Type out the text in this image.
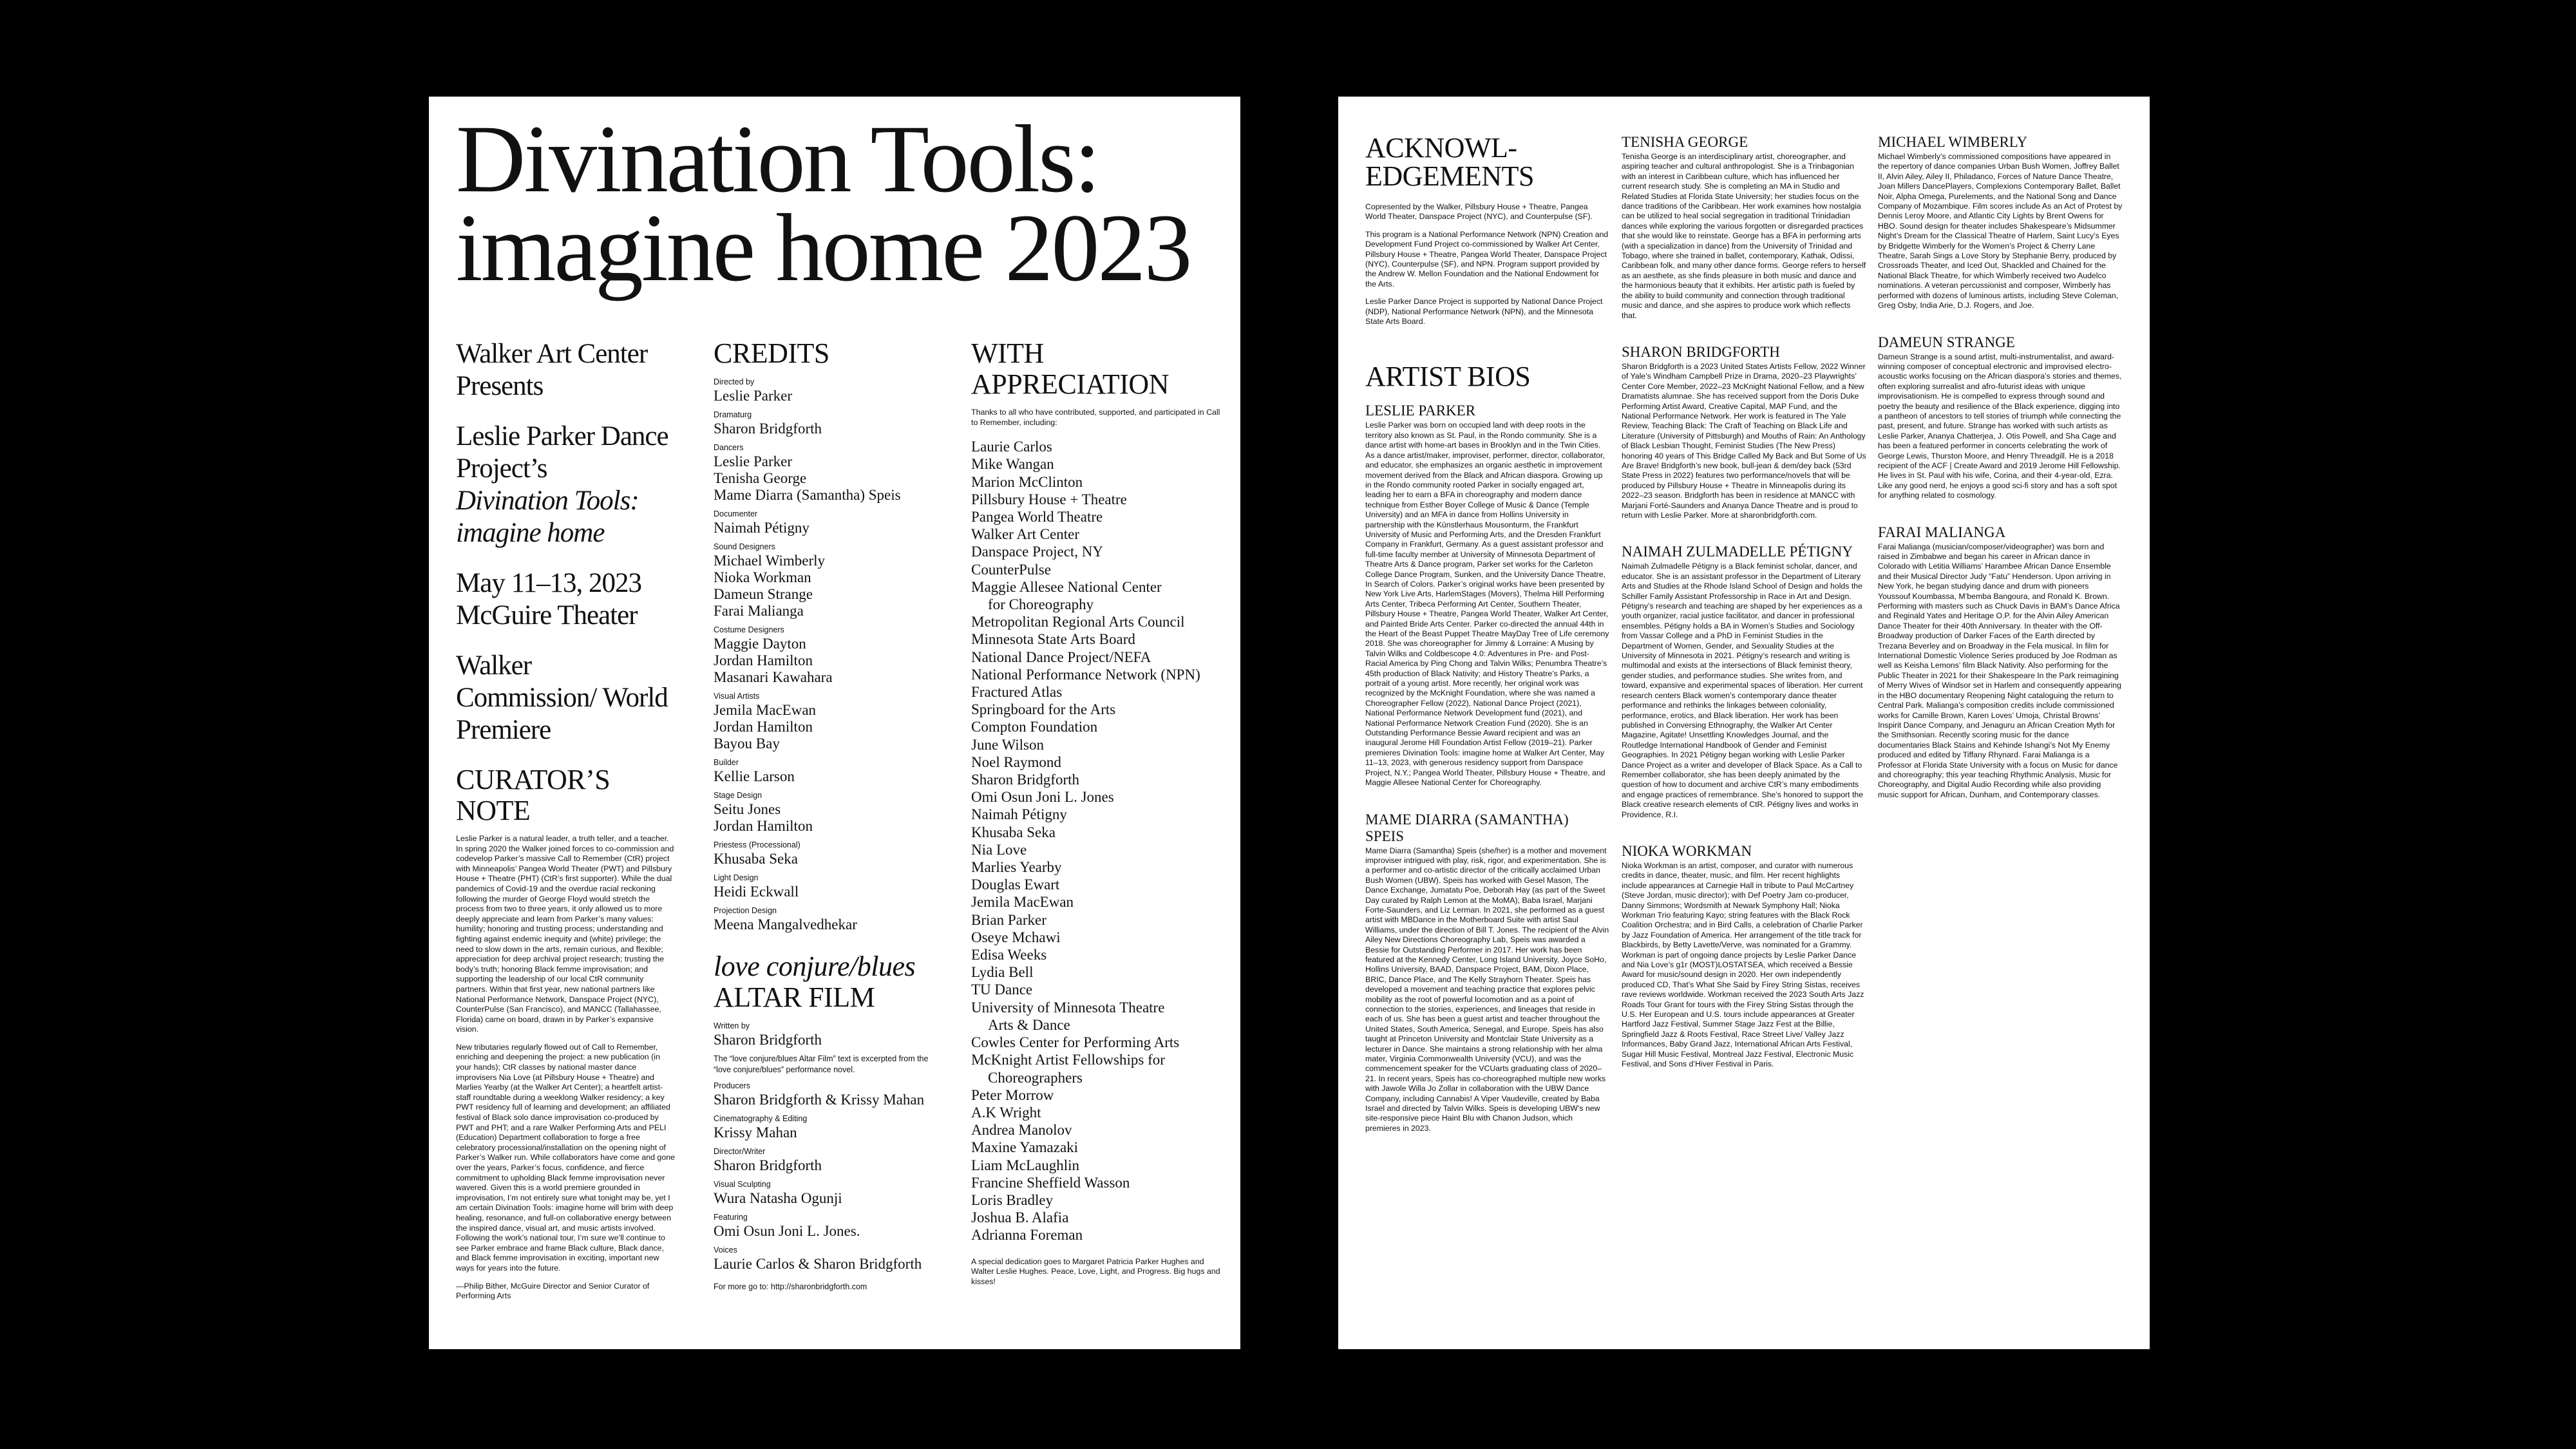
Divination Tools: imagine home 2023
Walker Art Center Presents
Leslie Parker Dance Project’s
Divination Tools: imagine home
May 11–13, 2023
McGuire Theater
Walker Commission/ World Premiere
CURATOR’S NOTE

Leslie Parker is a natural leader, a truth teller, and a teacher. In spring 2020 the Walker joined forces to co-commission and codevelop Parker’s massive Call to Remember (CtR) project with Minneapolis’ Pangea World Theater (PWT) and Pillsbury House + Theatre (PHT) (CtR’s first supporter). While the dual pandemics of Covid-19 and the overdue racial reckoning following the murder of George Floyd would stretch the process from two to three years, it only allowed us to more deeply appreciate and learn from Parker’s many values: humility; honoring and trusting process; understanding and fighting against endemic inequity and (white) privilege; the need to slow down in the arts, remain curious, and flexible; appreciation for deep archival project research; trusting the body’s truth; honoring Black femme improvisation; and supporting the leadership of our local CtR community partners. Within that first year, new national partners like National Performance Network, Danspace Project (NYC), CounterPulse (San Francisco), and MANCC (Tallahassee, Florida) came on board, drawn in by Parker’s expansive vision.

New tributaries regularly flowed out of Call to Remember, enriching and deepening the project: a new publication (in your hands); CtR classes by national master dance improvisers Nia Love (at Pillsbury House + Theatre) and Marlies Yearby (at the Walker Art Center); a heartfelt artist-staff roundtable during a weeklong Walker residency; a key PWT residency full of learning and development; an affiliated festival of Black solo dance improvisation co-produced by PWT and PHT; and a rare Walker Performing Arts and PELI (Education) Department collaboration to forge a free celebratory processional/installation on the opening night of Parker’s Walker run. While collaborators have come and gone over the years, Parker’s focus, confidence, and fierce commitment to upholding Black femme improvisation never wavered. Given this is a world premiere grounded in improvisation, I’m not entirely sure what tonight may be, yet I am certain Divination Tools: imagine home will brim with deep healing, resonance, and full-on collaborative energy between the inspired dance, visual art, and music artists involved. Following the work’s national tour, I’m sure we’ll continue to see Parker embrace and frame Black culture, Black dance, and Black femme improvisation in exciting, important new ways for years into the future.

—Philip Bither, McGuire Director and Senior Curator of Performing Arts

CREDITS
Directed by
Leslie Parker
Dramaturg
Sharon Bridgforth
Dancers
Leslie Parker
Tenisha George
Mame Diarra (Samantha) Speis
Documenter
Naimah Pétigny
Sound Designers
Michael Wimberly
Nioka Workman
Dameun Strange
Farai Malianga
Costume Designers
Maggie Dayton
Jordan Hamilton
Masanari Kawahara
Visual Artists
Jemila MacEwan
Jordan Hamilton
Bayou Bay
Builder
Kellie Larson
Stage Design
Seitu Jones
Jordan Hamilton
Priestess (Processional)
Khusaba Seka
Light Design
Heidi Eckwall
Projection Design
Meena Mangalvedhekar
love conjure/blues
ALTAR FILM
Written by
Sharon Bridgforth
The “love conjure/blues Altar Film” text is excerpted from the “love conjure/blues” performance novel.
Producers
Sharon Bridgforth & Krissy Mahan
Cinematography & Editing
Krissy Mahan
Director/Writer
Sharon Bridgforth
Visual Sculpting
Wura Natasha Ogunji
Featuring
Omi Osun Joni L. Jones.
Voices
Laurie Carlos & Sharon Bridgforth
For more go to: http://sharonbridgforth.com
WITH APPRECIATION

Thanks to all who have contributed, supported, and participated in Call to Remember, including:

Laurie Carlos
Mike Wangan
Marion McClinton
Pillsbury House + Theatre
Pangea World Theatre
Walker Art Center
Danspace Project, NY
CounterPulse
Maggie Allesee National Center
for Choreography
Metropolitan Regional Arts Council
Minnesota State Arts Board
National Dance Project/NEFA
National Performance Network (NPN)
Fractured Atlas
Springboard for the Arts
Compton Foundation
June Wilson
Noel Raymond
Sharon Bridgforth
Omi Osun Joni L. Jones
Naimah Pétigny
Khusaba Seka
Nia Love
Marlies Yearby
Douglas Ewart
Jemila MacEwan
Brian Parker
Oseye Mchawi
Edisa Weeks
Lydia Bell
TU Dance
University of Minnesota Theatre
Arts & Dance
Cowles Center for Performing Arts
McKnight Artist Fellowships for
Choreographers
Peter Morrow
A.K Wright
Andrea Manolov
Maxine Yamazaki
Liam McLaughlin
Francine Sheffield Wasson
Loris Bradley
Joshua B. Alafia
Adrianna Foreman
A special dedication goes to Margaret Patricia Parker Hughes and Walter Leslie Hughes. Peace, Love, Light, and Progress. Big hugs and kisses!
ACKNOWL- EDGEMENTS

Copresented by the Walker, Pillsbury House + Theatre, Pangea World Theater, Danspace Project (NYC), and Counterpulse (SF).

This program is a National Performance Network (NPN) Creation and Development Fund Project co-commissioned by Walker Art Center, Pillsbury House + Theatre, Pangea World Theater, Danspace Project (NYC), Counterpulse (SF), and NPN. Program support provided by the Andrew W. Mellon Foundation and the National Endowment for the Arts.

Leslie Parker Dance Project is supported by National Dance Project (NDP), National Performance Network (NPN), and the Minnesota State Arts Board.

ARTIST BIOS
LESLIE PARKER

Leslie Parker was born on occupied land with deep roots in the territory also known as St. Paul, in the Rondo community. She is a dance artist with home-art bases in Brooklyn and in the Twin Cities. As a dance artist/maker, improviser, performer, director, collaborator, and educator, she emphasizes an organic aesthetic in improvement movement derived from the Black and African diaspora. Growing up in the Rondo community rooted Parker in socially engaged art, leading her to earn a BFA in choreography and modern dance technique from Esther Boyer College of Music & Dance (Temple University) and an MFA in dance from Hollins University in partnership with the Künstlerhaus Mousonturm, the Frankfurt University of Music and Performing Arts, and the Dresden Frankfurt Company in Frankfurt, Germany. As a guest assistant professor and full-time faculty member at University of Minnesota Department of Theatre Arts & Dance program, Parker set works for the Carleton College Dance Program, Sunken, and the University Dance Theatre, In Search of Colors. Parker’s original works have been presented by New York Live Arts, HarlemStages (Movers), Thelma Hill Performing Arts Center, Tribeca Performing Art Center, Southern Theater, Pillsbury House + Theatre, Pangea World Theater, Walker Art Center, and Painted Bride Arts Center. Parker co-directed the annual 44th in the Heart of the Beast Puppet Theatre MayDay Tree of Life ceremony 2018. She was choreographer for Jimmy & Lorraine: A Musing by Talvin Wilks and Coldbescope 4.0: Adventures in Pre- and Post-Racial America by Ping Chong and Talvin Wilks; Penumbra Theatre’s 45th production of Black Nativity; and History Theatre’s Parks, a portrait of a young artist. More recently, her original work was recognized by the McKnight Foundation, where she was named a Choreographer Fellow (2022), National Dance Project (2021), National Performance Network Development fund (2021), and National Performance Network Creation Fund (2020). She is an Outstanding Performance Bessie Award recipient and was an inaugural Jerome Hill Foundation Artist Fellow (2019–21). Parker premieres Divination Tools: imagine home at Walker Art Center, May 11–13, 2023, with generous residency support from Danspace Project, N.Y.; Pangea World Theater, Pillsbury House + Theatre, and Maggie Allesee National Center for Choreography.

MAME DIARRA (SAMANTHA) SPEIS

Mame Diarra (Samantha) Speis (she/her) is a mother and movement improviser intrigued with play, risk, rigor, and experimentation. She is a performer and co-artistic director of the critically acclaimed Urban Bush Women (UBW). Speis has worked with Gesel Mason, The Dance Exchange, Jumatatu Poe, Deborah Hay (as part of the Sweet Day curated by Ralph Lemon at the MoMA), Baba Israel, Marjani Forte-Saunders, and Liz Lerman. In 2021, she performed as a guest artist with MBDance in the Motherboard Suite with artist Saul Williams, under the direction of Bill T. Jones. The recipient of the Alvin Ailey New Directions Choreography Lab, Speis was awarded a Bessie for Outstanding Performer in 2017. Her work has been featured at the Kennedy Center, Long Island University, Joyce SoHo, Hollins University, BAAD, Danspace Project, BAM, Dixon Place, BRIC, Dance Place, and The Kelly Strayhorn Theater. Speis has developed a movement and teaching practice that explores pelvic mobility as the root of powerful locomotion and as a point of connection to the stories, experiences, and lineages that reside in each of us. She has been a guest artist and teacher throughout the United States, South America, Senegal, and Europe. Speis has also taught at Princeton University and Montclair State University as a lecturer in Dance. She maintains a strong relationship with her alma mater, Virginia Commonwealth University (VCU), and was the commencement speaker for the VCUarts graduating class of 2020–21. In recent years, Speis has co-choreographed multiple new works with Jawole Willa Jo Zollar in collaboration with the UBW Dance Company, including Cannabis! A Viper Vaudeville, created by Baba Israel and directed by Talvin Wilks. Speis is developing UBW’s new site-responsive piece Haint Blu with Chanon Judson, which premieres in 2023.

TENISHA GEORGE

Tenisha George is an interdisciplinary artist, choreographer, and aspiring teacher and cultural anthropologist. She is a Trinbagonian with an interest in Caribbean culture, which has influenced her current research study. She is completing an MA in Studio and Related Studies at Florida State University; her studies focus on the dance traditions of the Caribbean. Her work examines how nostalgia can be utilized to heal social segregation in traditional Trinidadian dances while exploring the various forgotten or disregarded practices that she would like to reinstate. George has a BFA in performing arts (with a specialization in dance) from the University of Trinidad and Tobago, where she trained in ballet, contemporary, Kathak, Odissi, Caribbean folk, and many other dance forms. George refers to herself as an aesthete, as she finds pleasure in both music and dance and the harmonious beauty that it exhibits. Her artistic path is fueled by the ability to build community and connection through traditional music and dance, and she aspires to produce work which reflects that.

SHARON BRIDGFORTH

Sharon Bridgforth is a 2023 United States Artists Fellow, 2022 Winner of Yale’s Windham Campbell Prize in Drama, 2020–23 Playwrights’ Center Core Member, 2022–23 McKnight National Fellow, and a New Dramatists alumnae. She has received support from the Doris Duke Performing Artist Award, Creative Capital, MAP Fund, and the National Performance Network. Her work is featured in The Yale Review, Teaching Black: The Craft of Teaching on Black Life and Literature (University of Pittsburgh) and Mouths of Rain: An Anthology of Black Lesbian Thought, Feminist Studies (The New Press) honoring 40 years of This Bridge Called My Back and But Some of Us Are Brave! Bridgforth’s new book, bull-jean & dem/dey back (53rd State Press in 2022) features two performance/novels that will be produced by Pillsbury House + Theatre in Minneapolis during its 2022–23 season. Bridgforth has been in residence at MANCC with Marjani Forté-Saunders and Ananya Dance Theatre and is proud to return with Leslie Parker. More at sharonbridgforth.com.

NAIMAH ZULMADELLE PÉTIGNY

Naimah Zulmadelle Pétigny is a Black feminist scholar, dancer, and educator. She is an assistant professor in the Department of Literary Arts and Studies at the Rhode Island School of Design and holds the Schiller Family Assistant Professorship in Race in Art and Design. Pétigny’s research and teaching are shaped by her experiences as a youth organizer, racial justice facilitator, and dancer in professional ensembles. Pétigny holds a BA in Women’s Studies and Sociology from Vassar College and a PhD in Feminist Studies in the Department of Women, Gender, and Sexuality Studies at the University of Minnesota in 2021. Pétigny’s research and writing is multimodal and exists at the intersections of Black feminist theory, gender studies, and performance studies. She writes from, and toward, expansive and experimental spaces of liberation. Her current research centers Black women’s contemporary dance theater performance and rethinks the linkages between coloniality, performance, erotics, and Black liberation. Her work has been published in Conversing Ethnography, the Walker Art Center Magazine, Agitate! Unsettling Knowledges Journal, and the Routledge International Handbook of Gender and Feminist Geographies. In 2021 Pétigny began working with Leslie Parker Dance Project as a writer and developer of Black Space. As a Call to Remember collaborator, she has been deeply animated by the question of how to document and archive CtR’s many embodiments and engage practices of remembrance. She’s honored to support the Black creative research elements of CtR. Pétigny lives and works in Providence, R.I.

NIOKA WORKMAN

Nioka Workman is an artist, composer, and curator with numerous credits in dance, theater, music, and film. Her recent highlights include appearances at Carnegie Hall in tribute to Paul McCartney (Steve Jordan, music director); with Def Poetry Jam co-producer, Danny Simmons; Wordsmith at Newark Symphony Hall; Nioka Workman Trio featuring Kayo; string features with the Black Rock Coalition Orchestra; and in Bird Calls, a celebration of Charlie Parker by Jazz Foundation of America. Her arrangement of the title track for Blackbirds, by Betty Lavette/Verve, was nominated for a Grammy. Workman is part of ongoing dance projects by Leslie Parker Dance and Nia Love’s g1r (MOST)LOSTATSEA, which received a Bessie Award for music/sound design in 2020. Her own independently produced CD, That’s What She Said by Firey String Sistas, receives rave reviews worldwide. Workman received the 2023 South Arts Jazz Roads Tour Grant for tours with the Firey String Sistas through the U.S. Her European and U.S. tours include appearances at Greater Hartford Jazz Festival, Summer Stage Jazz Fest at the Billie, Springfield Jazz & Roots Festival, Race Street Live/ Valley Jazz Informances, Baby Grand Jazz, International African Arts Festival, Sugar Hill Music Festival, Montreal Jazz Festival, Electronic Music Festival, and Sons d’Hiver Festival in Paris.

MICHAEL WIMBERLY

Michael Wimberly’s commissioned compositions have appeared in the repertory of dance companies Urban Bush Women, Joffrey Ballet II, Alvin Ailey, Ailey II, Philadanco, Forces of Nature Dance Theatre, Joan Millers DancePlayers, Complexions Contemporary Ballet, Ballet Noir, Alpha Omega, Purelements, and the National Song and Dance Company of Mozambique. Film scores include As an Act of Protest by Dennis Leroy Moore, and Atlantic City Lights by Brent Owens for HBO. Sound design for theater includes Shakespeare’s Midsummer Night’s Dream for the Classical Theatre of Harlem, Saint Lucy’s Eyes by Bridgette Wimberly for the Women’s Project & Cherry Lane Theatre, Sarah Sings a Love Story by Stephanie Berry, produced by Crossroads Theater, and Iced Out, Shackled and Chained for the National Black Theatre, for which Wimberly received two Audelco nominations. A veteran percussionist and composer, Wimberly has performed with dozens of luminous artists, including Steve Coleman, Greg Osby, India Arie, D.J. Rogers, and Joe.

DAMEUN STRANGE

Dameun Strange is a sound artist, multi-instrumentalist, and award-winning composer of conceptual electronic and improvised electro-acoustic works focusing on the African diaspora’s stories and themes, often exploring surrealist and afro-futurist ideas with unique improvisationism. He is compelled to express through sound and poetry the beauty and resilience of the Black experience, digging into a pantheon of ancestors to tell stories of triumph while connecting the past, present, and future. Strange has worked with such artists as Leslie Parker, Ananya Chatterjea, J. Otis Powell, and Sha Cage and has been a featured performer in concerts celebrating the work of George Lewis, Thurston Moore, and Henry Threadgill. He is a 2018 recipient of the ACF | Create Award and 2019 Jerome Hill Fellowship. He lives in St. Paul with his wife, Corina, and their 4-year-old, Ezra. Like any good nerd, he enjoys a good sci-fi story and has a soft spot for anything related to cosmology.

FARAI MALIANGA

Farai Malianga (musician/composer/videographer) was born and raised in Zimbabwe and began his career in African dance in Colorado with Letitia Williams’ Harambee African Dance Ensemble and their Musical Director Judy “Fatu” Henderson. Upon arriving in New York, he began studying dance and drum with pioneers Youssouf Koumbassa, M’bemba Bangoura, and Ronald K. Brown. Performing with masters such as Chuck Davis in BAM’s Dance Africa and Reginald Yates and Heritage O.P. for the Alvin Ailey American Dance Theater for their 40th Anniversary. In theater with the Off-Broadway production of Darker Faces of the Earth directed by Trezana Beverley and on Broadway in the Fela musical. In film for International Domestic Violence Series produced by Joe Rodman as well as Keisha Lemons’ film Black Nativity. Also performing for the Public Theater in 2021 for their Shakespeare In the Park reimagining of Merry Wives of Windsor set in Harlem and consequently appearing in the HBO documentary Reopening Night cataloguing the return to Central Park. Malianga’s composition credits include commissioned works for Camille Brown, Karen Loves’ Umoja, Christal Browns’ Inspirit Dance Company, and Jenaguru an African Creation Myth for the Smithsonian. Recently scoring music for the dance documentaries Black Stains and Kehinde Ishangi’s Not My Enemy produced and edited by Tiffany Rhynard. Farai Malianga is a Professor at Florida State University with a focus on Music for dance and choreography; this year teaching Rhythmic Analysis, Music for Choreography, and Digital Audio Recording while also providing music support for African, Dunham, and Contemporary classes.
